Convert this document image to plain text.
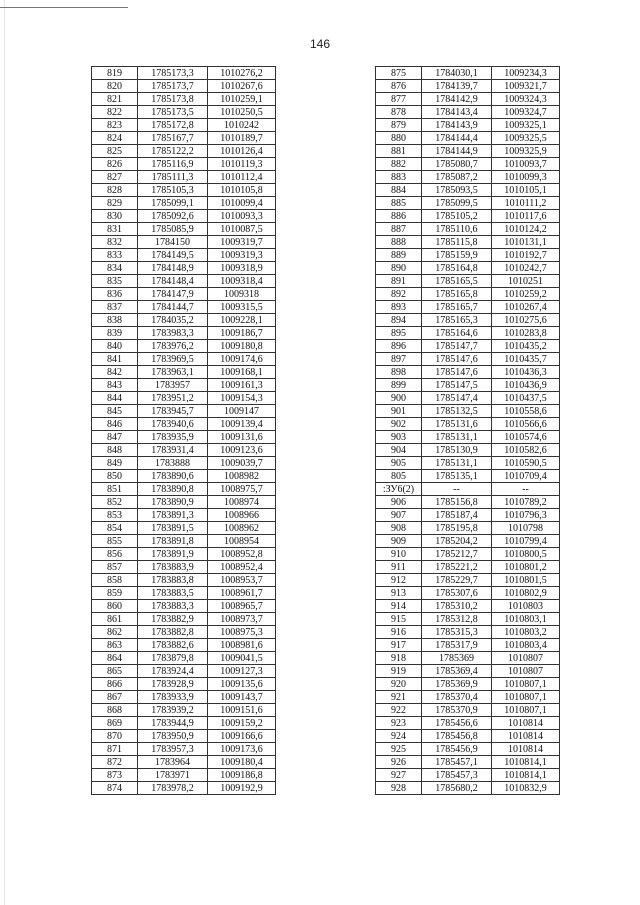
146
819	1785173,3	1010276,2
820	1785173,7	1010267,6
821	1785173,8	1010259,1
822	1785173,5	1010250,5
823	1785172,8	1010242
824	1785167,7	1010189,7
825	1785122,2	1010126,4
826	1785116,9	1010119,3
827	1785111,3	1010112,4
828	1785105,3	1010105,8
829	1785099,1	1010099,4
830	1785092,6	1010093,3
831	1785085,9	1010087,5
832	1784150	1009319,7
833	1784149,5	1009319,3
834	1784148,9	1009318,9
835	1784148,4	1009318,4
836	1784147,9	1009318
837	1784144,7	1009315,5
838	1784035,2	1009228,1
839	1783983,3	1009186,7
840	1783976,2	1009180,8
841	1783969,5	1009174,6
842	1783963,1	1009168,1
843	1783957	1009161,3
844	1783951,2	1009154,3
845	1783945,7	1009147
846	1783940,6	1009139,4
847	1783935,9	1009131,6
848	1783931,4	1009123,6
849	1783888	1009039,7
850	1783890,6	1008982
851	1783890,8	1008975,7
852	1783890,9	1008974
853	1783891,3	1008966
854	1783891,5	1008962
855	1783891,8	1008954
856	1783891,9	1008952,8
857	1783883,9	1008952,4
858	1783883,8	1008953,7
859	1783883,5	1008961,7
860	1783883,3	1008965,7
861	1783882,9	1008973,7
862	1783882,8	1008975,3
863	1783882,6	1008981,6
864	1783879,8	1009041,5
865	1783924,4	1009127,3
866	1783928,9	1009135,6
867	1783933,9	1009143,7
868	1783939,2	1009151,6
869	1783944,9	1009159,2
870	1783950,9	1009166,6
871	1783957,3	1009173,6
872	1783964	1009180,4
873	1783971	1009186,8
874	1783978,2	1009192,9
875	1784030,1	1009234,3
876	1784139,7	1009321,7
877	1784142,9	1009324,3
878	1784143,4	1009324,7
879	1784143,9	1009325,1
880	1784144,4	1009325,5
881	1784144,9	1009325,9
882	1785080,7	1010093,7
883	1785087,2	1010099,3
884	1785093,5	1010105,1
885	1785099,5	1010111,2
886	1785105,2	1010117,6
887	1785110,6	1010124,2
888	1785115,8	1010131,1
889	1785159,9	1010192,7
890	1785164,8	1010242,7
891	1785165,5	1010251
892	1785165,8	1010259,2
893	1785165,7	1010267,4
894	1785165,3	1010275,6
895	1785164,6	1010283,8
896	1785147,7	1010435,2
897	1785147,6	1010435,7
898	1785147,6	1010436,3
899	1785147,5	1010436,9
900	1785147,4	1010437,5
901	1785132,5	1010558,6
902	1785131,6	1010566,6
903	1785131,1	1010574,6
904	1785130,9	1010582,6
905	1785131,1	1010590,5
805	1785135,1	1010709,4
:ЗУ6(2)	--	--
906	1785156,8	1010789,2
907	1785187,4	1010796,3
908	1785195,8	1010798
909	1785204,2	1010799,4
910	1785212,7	1010800,5
911	1785221,2	1010801,2
912	1785229,7	1010801,5
913	1785307,6	1010802,9
914	1785310,2	1010803
915	1785312,8	1010803,1
916	1785315,3	1010803,2
917	1785317,9	1010803,4
918	1785369	1010807
919	1785369,4	1010807
920	1785369,9	1010807,1
921	1785370,4	1010807,1
922	1785370,9	1010807,1
923	1785456,6	1010814
924	1785456,8	1010814
925	1785456,9	1010814
926	1785457,1	1010814,1
927	1785457,3	1010814,1
928	1785680,2	1010832,9
